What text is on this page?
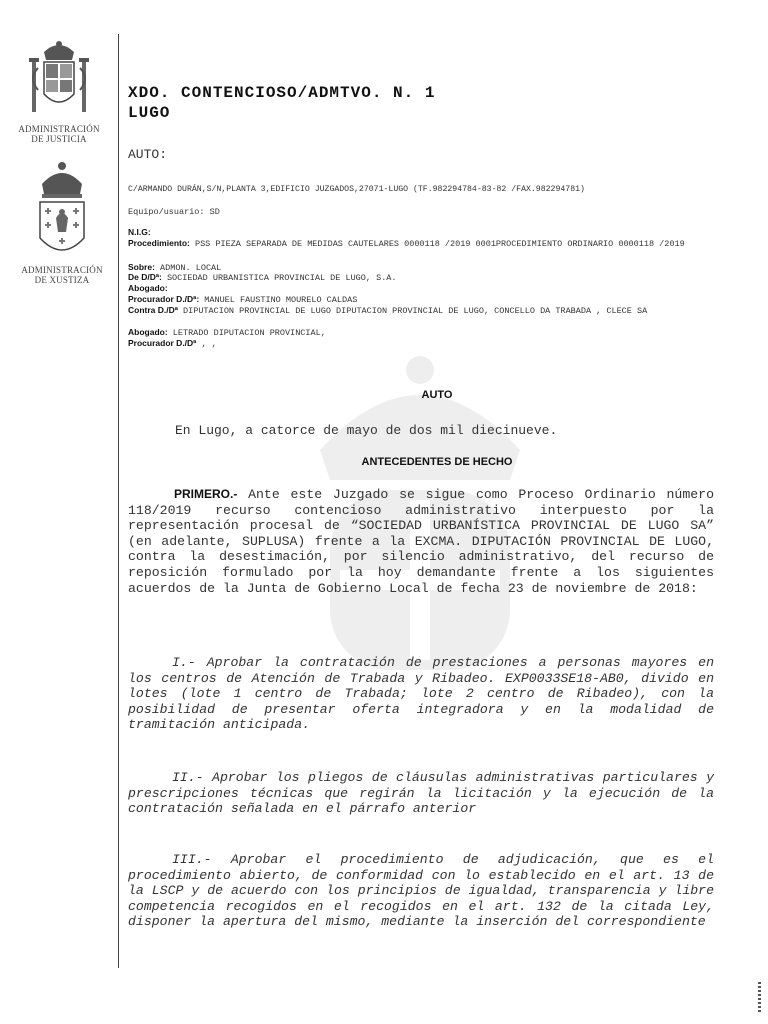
ADMINISTRACIÓN DE JUSTICIA
ADMINISTRACIÓN DE XUSTIZA
XDO. CONTENCIOSO/ADMTVO. N. 1
LUGO
AUTO:
C/ARMANDO DURÁN,S/N,PLANTA 3,EDIFICIO JUZGADOS,27071-LUGO (TF.982294784-83-82 /FAX.982294781)
Equipo/usuario: SD
N.I.G:
Procedimiento: PSS PIEZA SEPARADA DE MEDIDAS CAUTELARES 0000118 /2019 0001PROCEDIMIENTO ORDINARIO 0000118 /2019
Sobre: ADMON. LOCAL
De D/Dª: SOCIEDAD URBANISTICA PROVINCIAL DE LUGO, S.A.
Abogado:
Procurador D./Dª: MANUEL FAUSTINO MOURELO CALDAS
Contra D./Dª DIPUTACION PROVINCIAL DE LUGO DIPUTACION PROVINCIAL DE LUGO, CONCELLO DA TRABADA , CLECE SA
Abogado: LETRADO DIPUTACION PROVINCIAL,
Procurador D./Dª , ,
AUTO
En Lugo, a catorce de mayo de dos mil diecinueve.
ANTECEDENTES DE HECHO
PRIMERO.- Ante este Juzgado se sigue como Proceso Ordinario número 118/2019 recurso contencioso administrativo interpuesto por la representación procesal de “SOCIEDAD URBANÍSTICA PROVINCIAL DE LUGO SA” (en adelante, SUPLUSA) frente a la EXCMA. DIPUTACIÓN PROVINCIAL DE LUGO, contra la desestimación, por silencio administrativo, del recurso de reposición formulado por la hoy demandante frente a los siguientes acuerdos de la Junta de Gobierno Local de fecha 23 de noviembre de 2018:
I.- Aprobar la contratación de prestaciones a personas mayores en los centros de Atención de Trabada y Ribadeo. EXP0033SE18-AB0, divido en lotes (lote 1 centro de Trabada; lote 2 centro de Ribadeo), con la posibilidad de presentar oferta integradora y en la modalidad de tramitación anticipada.
II.- Aprobar los pliegos de cláusulas administrativas particulares y prescripciones técnicas que regirán la licitación y la ejecución de la contratación señalada en el párrafo anterior
III.- Aprobar el procedimiento de adjudicación, que es el procedimiento abierto, de conformidad con lo establecido en el art. 13 de la LSCP y de acuerdo con los principios de igualdad, transparencia y libre competencia recogidos en el recogidos en el art. 132 de la citada Ley, disponer la apertura del mismo, mediante la inserción del correspondiente
